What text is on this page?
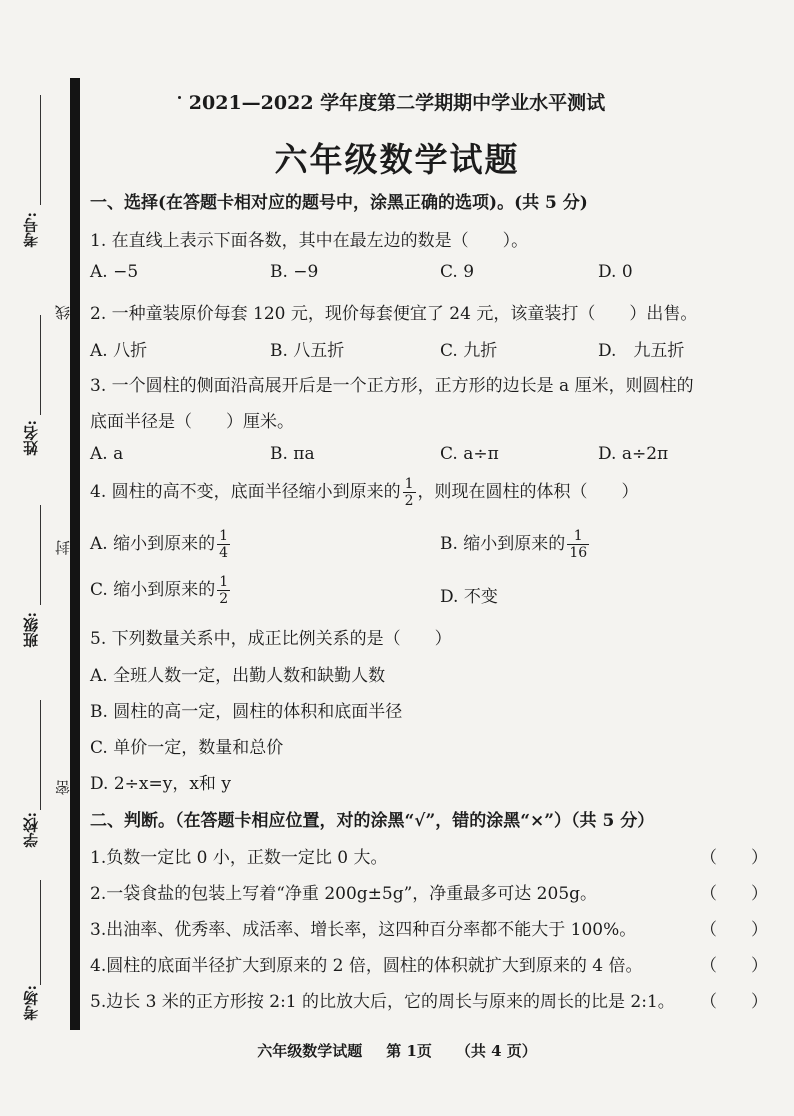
考号:
线
姓名:
封
班级:
密
学校:
考场:
2021—2022 学年度第二学期期中学业水平测试
六年级数学试题
一、选择(在答题卡相对应的题号中，涂黑正确的选项)。(共 5 分)
1. 在直线上表示下面各数，其中在最左边的数是（　　）。
A. −5	B. −9	C. 9	D. 0
2. 一种童装原价每套 120 元，现价每套便宜了 24 元，该童装打（　　）出售。
A. 八折	B. 八五折	C. 九折	D.　九五折
3. 一个圆柱的侧面沿高展开后是一个正方形，正方形的边长是 a 厘米，则圆柱的
底面半径是（　　）厘米。
A. a	B. πa	C. a÷π	D. a÷2π
4. 圆柱的高不变，底面半径缩小到原来的 $\frac{1}{2}$ ，则现在圆柱的体积（　　）
A. 缩小到原来的 $\frac{1}{4}$	B. 缩小到原来的 $\frac{1}{16}$
C. 缩小到原来的 $\frac{1}{2}$	D. 不变
5. 下列数量关系中，成正比例关系的是（　　）
A. 全班人数一定，出勤人数和缺勤人数
B. 圆柱的高一定，圆柱的体积和底面半径
C. 单价一定，数量和总价
D. 2÷x=y，x和 y
二、判断。（在答题卡相应位置，对的涂黑“√”，错的涂黑“×”）（共 5 分）
1.负数一定比 0 小，正数一定比 0 大。	（　　）
2.一袋食盐的包装上写着“净重 200g±5g”，净重最多可达 205g。	（　　）
3.出油率、优秀率、成活率、增长率，这四种百分率都不能大于 100%。	（　　）
4.圆柱的底面半径扩大到原来的 2 倍，圆柱的体积就扩大到原来的 4 倍。	（　　）
5.边长 3 米的正方形按 2:1 的比放大后，它的周长与原来的周长的比是 2:1。 （　　）
六年级数学试题 第 1页 （共 4 页）
